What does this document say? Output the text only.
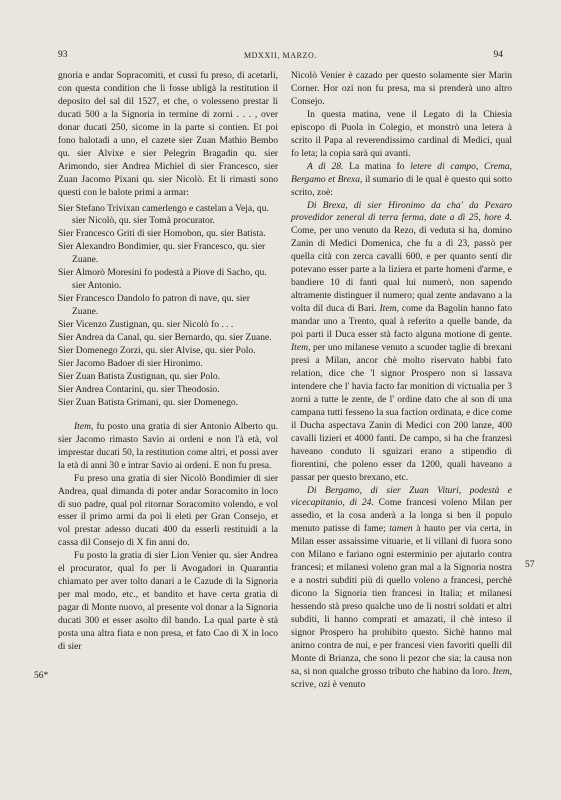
93	MDXXII, MARZO.	94
56*
57

gnoria e andar Sopracomiti, et cussi fu preso, di acetarli, con questa condition che li fosse ubligà la restitution il deposito del sal dil 1527, et che, o volesseno prestar li ducati 500 a la Signoria in termine di zorni . . . , over donar ducati 250, sicome in la parte si contien. Et poi fono balotadi a uno, el cazete sier Zuan Mathio Bembo qu. sier Alvixe e sier Pelegrin Bragadin qu. sier Arimondo, sier Andrea Michiel di sier Francesco, sier Zuan Jacomo Pixani qu. sier Nicolò. Et li rimasti sono questi con le balote primi a armar:

Sier Stefano Trivixan camerlengo e castelan a Veja, qu. sier Nicolò, qu. sier Tomà procurator.

Sier Francesco Griti di sier Homobon, qu. sier Batista.

Sier Alexandro Bondimier, qu. sier Francesco, qu. sier Zuane.

Sier Almorò Moresini fo podestà a Piove di Sacho, qu. sier Antonio.

Sier Francesco Dandolo fo patron di nave, qu. sier Zuane.

Sier Vicenzo Zustignan, qu. sier Nicolò fo . . .

Sier Andrea da Canal, qu. sier Bernardo, qu. sier Zuane.

Sier Domenego Zorzi, qu. sier Alvise, qu. sier Polo.

Sier Jacomo Badoer di sier Hironimo.

Sier Zuan Batista Zustignan, qu. sier Polo.

Sier Andrea Contarini, qu. sier Theodosio.

Sier Zuan Batista Grimani, qu. sier Domenego.

Item, fu posto una gratia di sier Antonio Alberto qu. sier Jacomo rimasto Savio ai ordeni e non l'à età, vol imprestar ducati 50, la restitution come altri, et possi aver la età di anni 30 e intrar Savio ai ordeni. E non fu presa.

Fu preso una gratia di sier Nicolò Bondimier di sier Andrea, qual dimanda di poter andar Soracomito in loco di suo padre, qual pol ritornar Soracomito volendo, e vol esser il primo armi da poi li eleti per Gran Consejo, et vol prestar adesso ducati 400 da esserli restituidi a la cassa dil Consejo di X fin anni do.

Fu posto la gratia di sier Lion Venier qu. sier Andrea el procurator, qual fo per li Avogadori in Quarantia chiamato per aver tolto danari a le Cazude di la Signoria per mal modo, etc., et bandito et have certa gratia di pagar di Monte nuovo, al presente vol donar a la Signoria ducati 300 et esser asolto dil bando. La qual parte è stà posta una altra fiata e non presa, et fato Cao di X in loco di sier

Nicolò Venier è cazado per questo solamente sier Marin Corner. Hor ozi non fu presa, ma si prenderà uno altro Consejo.

In questa matina, vene il Legato di la Chiesia episcopo di Puola in Colegio, et monstrò una letera à scrito il Papa al reverendissimo cardinal di Medici, qual fo leta; la copia sarà qui avanti.

A dì 28. La matina fo letere di campo, Crema, Bergamo et Brexa, il sumario di le qual è questo qui sotto scrito, zoè:

Di Brexa, di sier Hironimo da cha' da Pexaro provedidor zeneral di terra ferma, date a dì 25, hore 4. Come, per uno venuto da Rezo, di veduta si ha, domino Zanin di Medici Domenica, che fu a dì 23, passò per quella cità con zerca cavalli 600, e per quanto senti dir potevano esser parte a la liziera et parte homeni d'arme, e bandiere 10 di fanti qual lui numerò, non sapendo altramente distinguer il numero; qual zente andavano a la volta dil duca di Bari. Item, come da Bagolin hanno fato mandar uno a Trento, qual à referito a quelle bande, da poi parti il Duca esser stà facto alguna motione di gente. Item, per uno milanese venuto a scuoder taglie di brexani presi a Milan, ancor chè molto riservato habbi fato relation, dice che 'l signor Prospero non si lassava intendere che l' havia facto far monition di victualia per 3 zorni a tutte le zente, de l' ordine dato che al son di una campana tutti fesseno la sua faction ordinata, e dice come il Ducha aspectava Zanin di Medici con 200 lanze, 400 cavalli lizieri et 4000 fanti. De campo, si ha che franzesi haveano conduto li sguizari erano a stipendio di fiorentini, che poleno esser da 1200, quali haveano a passar per questo brexano, etc.

Di Bergamo, di sier Zuan Vituri, podestà e vicecapitanio, di 24. Come francesi voleno Milan per assedio, et la cosa anderà a la longa si ben il populo menuto patisse di fame; tamen à hauto per via certa, in Milan esser assaissime vituarie, et li villani di fuora sono con Milano e fariano ogni esterminio per ajutarlo contra francesi; et milanesi voleno gran mal a la Signoria nostra e a nostri subditi più di quello voleno a francesi, perchè dicono la Signoria tien francesi in Italia; et milanesi hessendo stà preso qualche uno de li nostri soldati et altri subditi, li hanno comprati et amazati, il chè inteso il signor Prospero ha prohibito questo. Sichè hanno mal animo contra de nui, e per francesi vien favoriti quelli dil Monte di Brianza, che sono li pezor che sia; la causa non sa, si non qualche grosso tributo che habino da loro. Item, scrive, ozi è venuto
